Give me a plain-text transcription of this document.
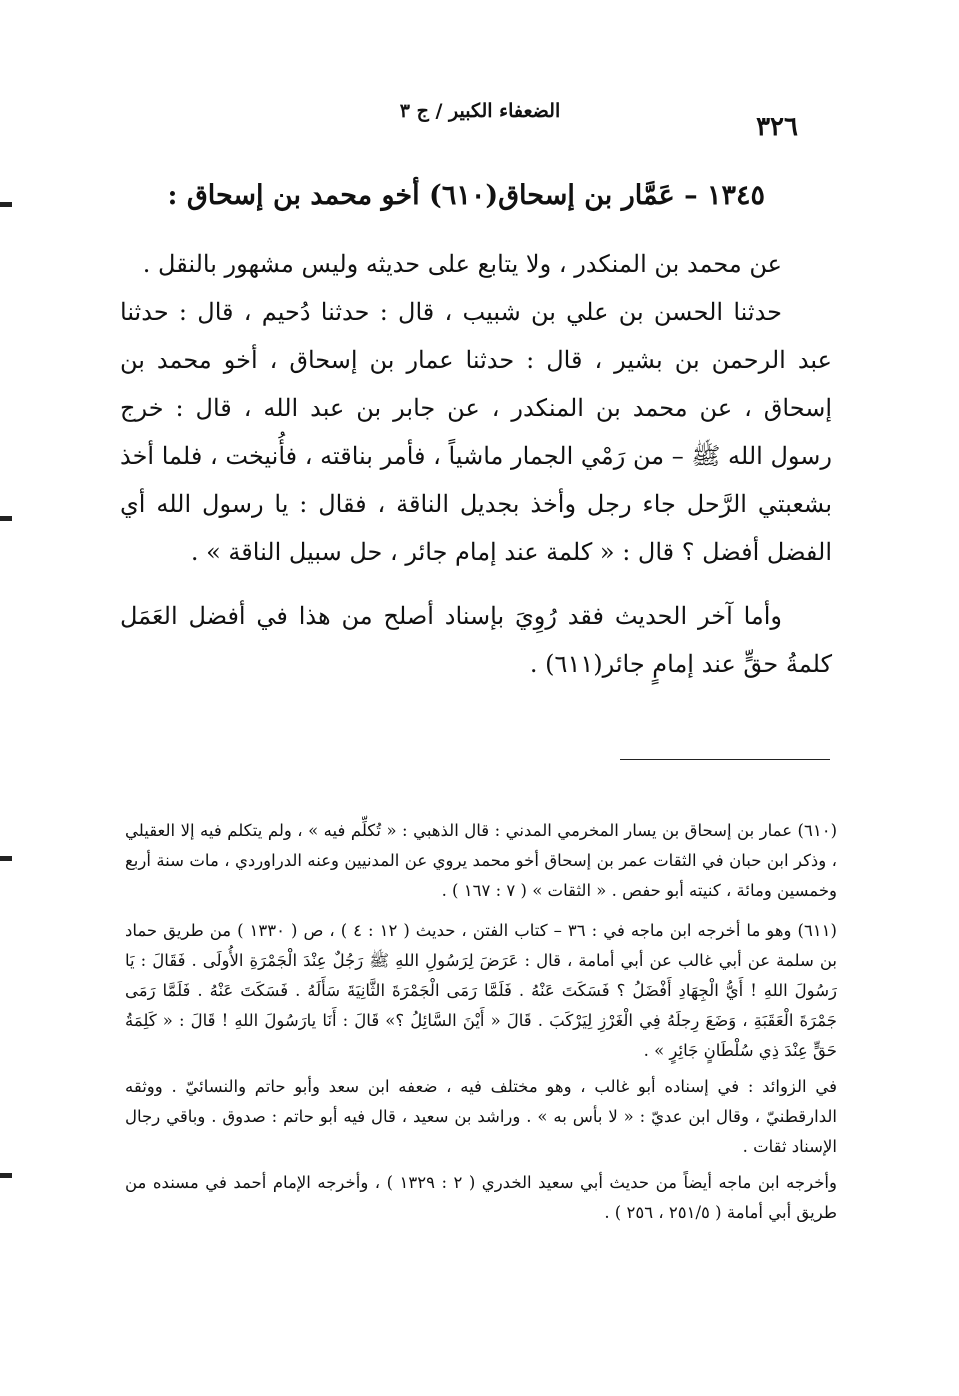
الضعفاء الكبير / ج ٣
٣٢٦
١٣٤٥ – عَمَّار بن إسحاق(٦١٠) أخو محمد بن إسحاق :

عن محمد بن المنكدر ، ولا يتابع على حديثه وليس مشهور بالنقل .

حدثنا الحسن بن علي بن شبيب ، قال : حدثنا دُحيم ، قال : حدثنا عبد الرحمن بن بشير ، قال : حدثنا عمار بن إسحاق ، أخو محمد بن إسحاق ، عن محمد بن المنكدر ، عن جابر بن عبد الله ، قال : خرج رسول الله ﷺ – من رَمْي الجمار ماشياً ، فأمر بناقته ، فأُنيخت ، فلما أخذ بشعبتي الرَّحل جاء رجل وأخذ بجديل الناقة ، فقال : يا رسول الله أي الفضل أفضل ؟ قال : « كلمة عند إمام جائر ، حل سبيل الناقة » .

وأما آخر الحديث فقد رُوِيَ بإسناد أصلح من هذا في أفضل العَمَل كلمةُ حقٍّ عند إمامٍ جائر(٦١١) .

(٦١٠) عمار بن إسحاق بن يسار المخرمي المدني : قال الذهبي : « تُكلِّم فيه » ، ولم يتكلم فيه إلا العقيلي ، وذكر ابن حبان في الثقات عمر بن إسحاق أخو محمد يروي عن المدنيين وعنه الدراوردي ، مات سنة أربع وخمسين ومائة ، كنيته أبو حفص . « الثقات » ( ٧ : ١٦٧ ) .

(٦١١) وهو ما أخرجه ابن ماجه في : ٣٦ – كتاب الفتن ، حديث ( ١٢ : ٤ ) ، ص ( ١٣٣٠ ) من طريق حماد بن سلمة عن أبي غالب عن أبي أمامة ، قال : عَرَضَ لِرَسُولِ اللهِ ﷺ رَجُلٌ عِنْدَ الْجَمْرَةِ الأُولَى . فَقَالَ : يَا رَسُولَ اللهِ ! أَيُّ الْجِهَادِ أَفْضَلُ ؟ فَسَكَتَ عَنْهُ . فَلَمَّا رَمَى الْجَمْرَةَ الثَّانِيَةَ سَأَلَهُ . فَسَكَتَ عَنْهُ . فَلَمَّا رَمَى جَمْرَةَ الْعَقَبَةِ ، وَضَعَ رِجلَهُ فِي الْغَرْزِ لِيَرْكَبَ . قَالَ « أَيْنَ السَّائِلُ ؟» قَالَ : أَنَا يارَسُولَ اللهِ ! قَالَ : « كَلِمَةُ حَقٍّ عِنْدَ ذِي سُلْطَانٍ جَائِرٍ » .

في الزوائد : في إسناده أبو غالب ، وهو مختلف فيه ، ضعفه ابن سعد وأبو حاتم والنسائيّ . ووثقه الدارقطنيّ ، وقال ابن عديّ : « لا بأس به » . وراشد بن سعيد ، قال فيه أبو حاتم : صدوق . وباقي رجال الإسناد ثقات .

وأخرجه ابن ماجه أيضاً من حديث أبي سعيد الخدري ( ٢ : ١٣٢٩ ) ، وأخرجه الإمام أحمد في مسنده من طريق أبي أمامة ( ٢٥١/٥ ، ٢٥٦ ) .
